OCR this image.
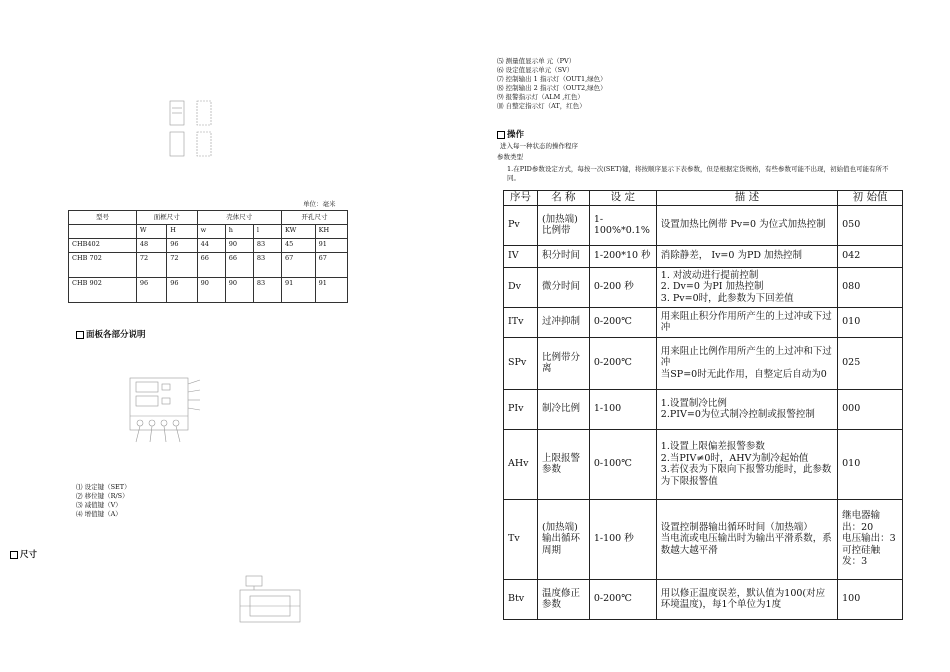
单位：毫米
型号	面框尺寸		壳体尺寸			开孔尺寸	
	W	H	w	h	l	KW	KH
CHB402	48	96	44	90	83	45	91
CHB 702	72	72	66	66	83	67	67
CHB 902	96	96	90	90	83	91	91
面板各部分说明
⑴ 设定键（SET）
⑵ 移位键（R/S）
⑶ 减值键（V）
⑷ 增值键（A）
尺寸
⑸ 测量值显示单 元（PV）
⑹ 设定值显示单元（SV）
⑺ 控制输出 1 指示灯（OUT1,绿色）
⑻ 控制输出 2 指示灯（OUT2,绿色）
⑼ 报警指示灯（ALM ,红色）
⑽ 自整定指示灯（AT，红色）
操作
进入每一种状态的操作程序
参数类型
1.在PID参数设定方式，每按一次(SET)键，将按顺序显示下表参数，但是根据定货规格，有些参数可能不出现，初始值也可能有所不同。
序号	名 称	设 定	描 述	初 始值
Pv	(加热端)比例带	1-100%*0.1%	设置加热比例带 Pv=0 为位式加热控制	050
IV	积分时间	1-200*10 秒	消除静差， Iv=0 为PD 加热控制	042
Dv	微分时间	0-200 秒	1. 对波动进行提前控制
2. Dv=0 为PI 加热控制
3. Pv=0时，此参数为下回差值	080
ITv	过冲抑制	0-200℃	用来阻止积分作用所产生的上过冲或下过冲	010
SPv	比例带分离	0-200℃	用来阻止比例作用所产生的上过冲和下过冲
当SP=0时无此作用，自整定后自动为0	025
PIv	制冷比例	1-100	1.设置制冷比例
2.PIV=0为位式制冷控制或报警控制	000
AHv	上限报警
参数	0-100℃	1.设置上限偏差报警参数
2.当PIV≠0时，AHV为制冷起始值
3.若仪表为下限向下报警功能时，此参数为下限报警值	010
Tv	(加热端)输出循环周期	1-100 秒	设置控制器输出循环时间（加热端）
当电流或电压输出时为输出平滑系数，系数越大越平滑	继电器输出：20
电压输出：3
可控硅触发：3
Btv	温度修正参数	0-200℃	用以修正温度误差，默认值为100(对应环境温度)，每1个单位为1度	100
